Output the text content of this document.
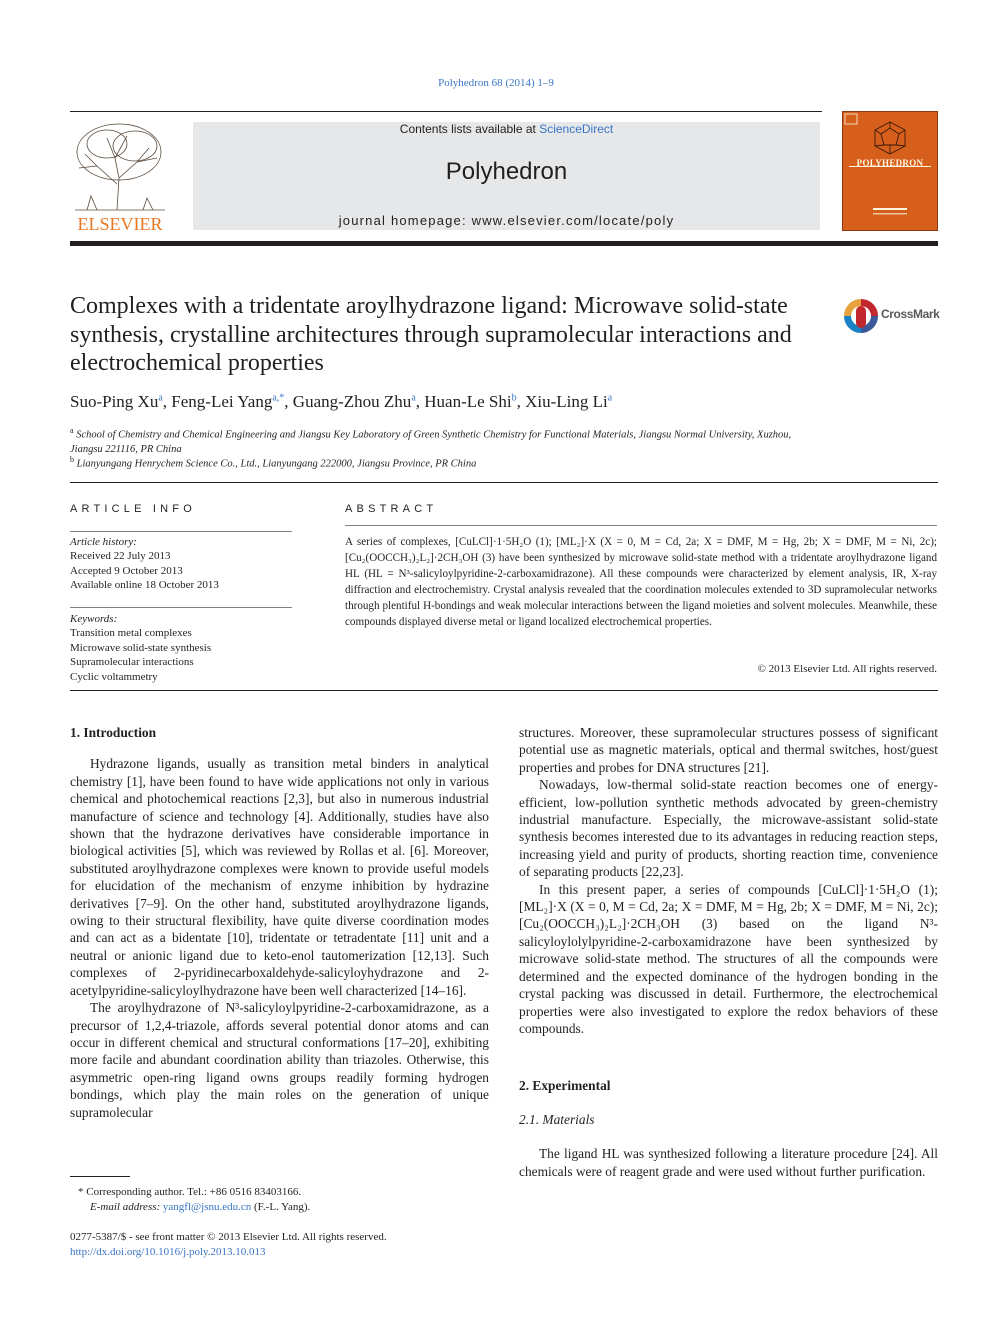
Polyhedron 68 (2014) 1–9
ELSEVIER
Contents lists available at ScienceDirect
Polyhedron
journal homepage: www.elsevier.com/locate/poly
POLYHEDRON
Complexes with a tridentate aroylhydrazone ligand: Microwave solid-state synthesis, crystalline architectures through supramolecular interactions and electrochemical properties
CrossMark
Suo-Ping Xu$^a$, Feng-Lei Yang$^{a,*}$, Guang-Zhou Zhu$^a$, Huan-Le Shi$^b$, Xiu-Ling Li$^a$
$^a$ School of Chemistry and Chemical Engineering and Jiangsu Key Laboratory of Green Synthetic Chemistry for Functional Materials, Jiangsu Normal University, Xuzhou,
Jiangsu 221116, PR China
$^b$ Lianyungang Henrychem Science Co., Ltd., Lianyungang 222000, Jiangsu Province, PR China
ARTICLE INFO
Article history:
Received 22 July 2013
Accepted 9 October 2013
Available online 18 October 2013
Keywords:
Transition metal complexes
Microwave solid-state synthesis
Supramolecular interactions
Cyclic voltammetry
ABSTRACT

A series of complexes, [CuLCl]·1·5H₂O (1); [ML₂]·X (X = 0, M = Cd, 2a; X = DMF, M = Hg, 2b; X = DMF, M = Ni, 2c); [Cu₂(OOCCH₃)₂L₂]·2CH₃OH (3) have been synthesized by microwave solid-state method with a tridentate aroylhydrazone ligand HL (HL = N³-salicyloylpyridine-2-carboxamidrazone). All these compounds were characterized by element analysis, IR, X-ray diffraction and electrochemistry. Crystal analysis revealed that the coordination molecules extended to 3D supramolecular networks through plentiful H-bondings and weak molecular interactions between the ligand moieties and solvent molecules. Meanwhile, these compounds displayed diverse metal or ligand localized electrochemical properties.

© 2013 Elsevier Ltd. All rights reserved.
1. Introduction

Hydrazone ligands, usually as transition metal binders in analytical chemistry [1], have been found to have wide applications not only in various chemical and photochemical reactions [2,3], but also in numerous industrial manufacture of science and technology [4]. Additionally, studies have also shown that the hydrazone derivatives have considerable importance in biological activities [5], which was reviewed by Rollas et al. [6]. Moreover, substituted aroylhydrazone complexes were known to provide useful models for elucidation of the mechanism of enzyme inhibition by hydrazine derivatives [7–9]. On the other hand, substituted aroylhydrazone ligands, owing to their structural flexibility, have quite diverse coordination modes and can act as a bidentate [10], tridentate or tetradentate [11] unit and a neutral or anionic ligand due to keto-enol tautomerization [12,13]. Such complexes of 2-pyridinecarboxaldehyde-salicyloyhydrazone and 2-acetylpyridine-salicyloylhydrazone have been well characterized [14–16].

The aroylhydrazone of N³-salicyloylpyridine-2-carboxamidrazone, as a precursor of 1,2,4-triazole, affords several potential donor atoms and can occur in different chemical and structural conformations [17–20], exhibiting more facile and abundant coordination ability than triazoles. Otherwise, this asymmetric open-ring ligand owns groups readily forming hydrogen bondings, which play the main roles on the generation of unique supramolecular

structures. Moreover, these supramolecular structures possess of significant potential use as magnetic materials, optical and thermal switches, host/guest properties and probes for DNA structures [21].

Nowadays, low-thermal solid-state reaction becomes one of energy-efficient, low-pollution synthetic methods advocated by green-chemistry industrial manufacture. Especially, the microwave-assistant solid-state synthesis becomes interested due to its advantages in reducing reaction steps, increasing yield and purity of products, shorting reaction time, convenience of separating products [22,23].

In this present paper, a series of compounds [CuLCl]·1·5H₂O (1); [ML₂]·X (X = 0, M = Cd, 2a; X = DMF, M = Hg, 2b; X = DMF, M = Ni, 2c); [Cu₂(OOCCH₃)₂L₂]·2CH₃OH (3) based on the ligand N³-salicyloylolylpyridine-2-carboxamidrazone have been synthesized by microwave solid-state method. The structures of all the compounds were determined and the expected dominance of the hydrogen bonding in the crystal packing was discussed in detail. Furthermore, the electrochemical properties were also investigated to explore the redox behaviors of these compounds.

2. Experimental
2.1. Materials

The ligand HL was synthesized following a literature procedure [24]. All chemicals were of reagent grade and were used without further purification.

* Corresponding author. Tel.: +86 0516 83403166.
E-mail address: yangfl@jsnu.edu.cn (F.-L. Yang).
0277-5387/$ - see front matter © 2013 Elsevier Ltd. All rights reserved.
http://dx.doi.org/10.1016/j.poly.2013.10.013
